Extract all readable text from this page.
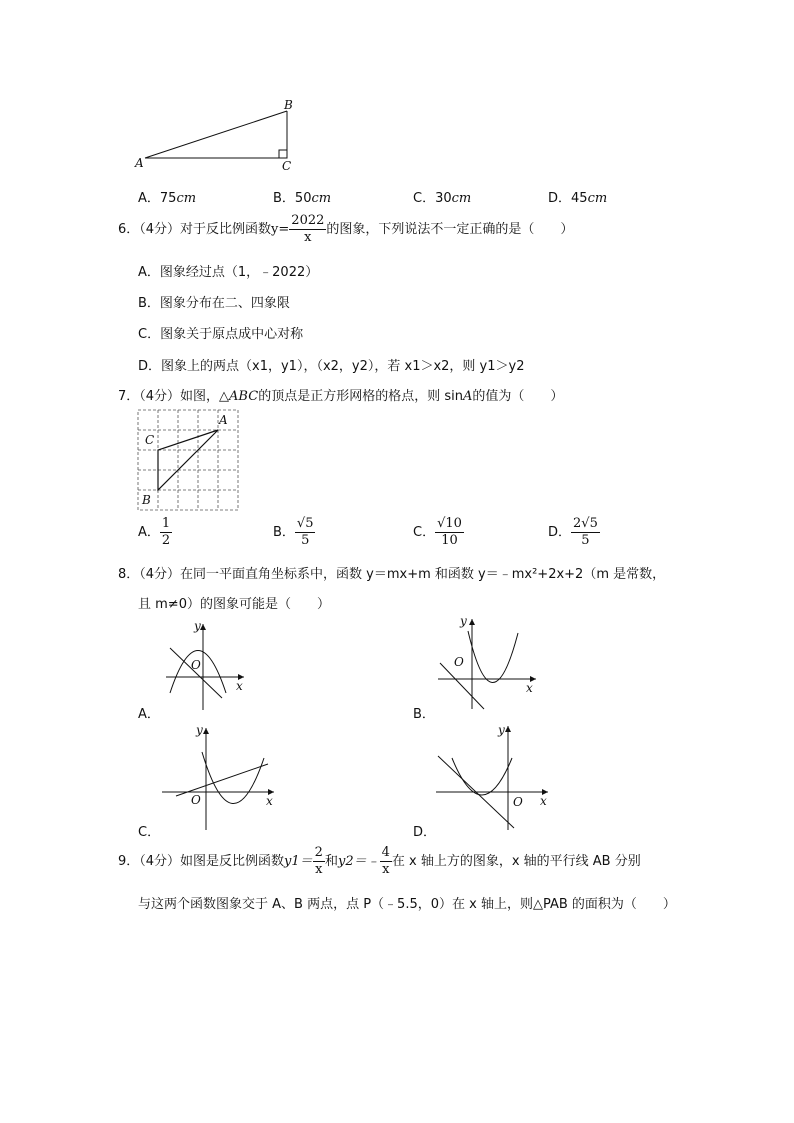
A
B
C
A．75cm	B．50cm	C．30cm	D．45cm
6．（4分）对于反比例函数$y= \frac{2022}{x}$ 的图象，下列说法不一定正确的是（　　）
A．图象经过点（1，﹣2022）
B．图象分布在二、四象限
C．图象关于原点成中心对称
D．图象上的两点（x1，y1），（x2，y2），若 x1＞x2，则 y1＞y2
7．（4分）如图，△ABC的顶点是正方形网格的格点，则 sinA的值为（　　）
A
C
B
A． $\frac{1}{2}$	B． $\frac{√5}{5}$	C． $\frac{√10}{10}$	D． $\frac{2√5}{5}$
8．（4分）在同一平面直角坐标系中，函数 y＝mx+m 和函数 y＝﹣mx²+2x+2（m 是常数，
且 m≠0）的图象可能是（　　）
y
x
O
A．
y
x
O
B．
y
x
O
C．
y
x
O
D．
9．（4分）如图是反比例函数$y1= \frac{2}{x}$ 和y2＝﹣ $\frac{4}{x}$ 在 x 轴上方的图象，x 轴的平行线 AB 分别
与这两个函数图象交于 A、B 两点，点 P（﹣5.5，0）在 x 轴上，则△PAB 的面积为（　　）
